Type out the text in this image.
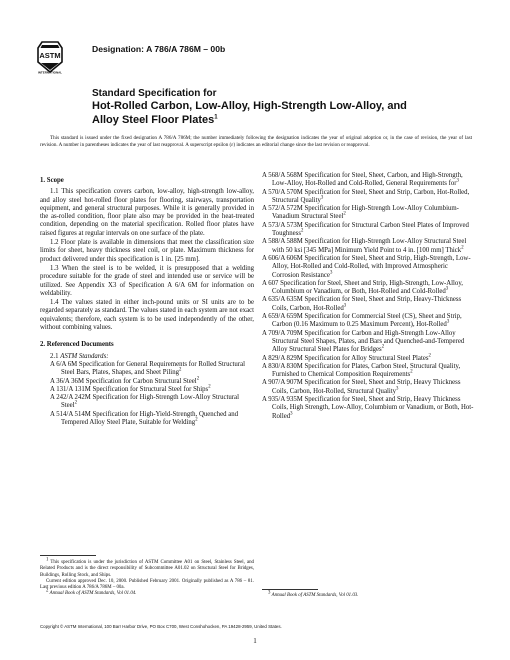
ASTM
INTERNATIONAL
Designation: A 786/A 786M – 00b
Standard Specification for
Hot-Rolled Carbon, Low-Alloy, High-Strength Low-Alloy, and
Alloy Steel Floor Plates$^1$

This standard is issued under the fixed designation A 786/A 786M; the number immediately following the designation indicates the year of original adoption or, in the case of revision, the year of last revision. A number in parentheses indicates the year of last reapproval. A superscript epsilon (ε) indicates an editorial change since the last revision or reapproval.

1. Scope

1.1 This specification covers carbon, low-alloy, high-strength low-alloy, and alloy steel hot-rolled floor plates for flooring, stairways, transportation equipment, and general structural purposes. While it is generally provided in the as-rolled condition, floor plate also may be provided in the heat-treated condition, depending on the material specification. Rolled floor plates have raised figures at regular intervals on one surface of the plate.

1.2 Floor plate is available in dimensions that meet the classification size limits for sheet, heavy thickness steel coil, or plate. Maximum thickness for product delivered under this specification is 1 in. [25 mm].

1.3 When the steel is to be welded, it is presupposed that a welding procedure suitable for the grade of steel and intended use or service will be utilized. See Appendix X3 of Specification A 6/A 6M for information on weldability.

1.4 The values stated in either inch-pound units or SI units are to be regarded separately as standard. The values stated in each system are not exact equivalents; therefore, each system is to be used independently of the other, without combining values.

2. Referenced Documents

2.1 ASTM Standards:

A 6/A 6M Specification for General Requirements for Rolled Structural Steel Bars, Plates, Shapes, and Sheet Piling$^2$

A 36/A 36M Specification for Carbon Structural Steel$^2$

A 131/A 131M Specification for Structural Steel for Ships$^2$

A 242/A 242M Specification for High-Strength Low-Alloy Structural Steel$^2$

A 514/A 514M Specification for High-Yield-Strength, Quenched and Tempered Alloy Steel Plate, Suitable for Welding$^2$

A 568/A 568M Specification for Steel, Sheet, Carbon, and High-Strength, Low-Alloy, Hot-Rolled and Cold-Rolled, General Requirements for$^3$

A 570/A 570M Specification for Steel, Sheet and Strip, Carbon, Hot-Rolled, Structural Quality$^3$

A 572/A 572M Specification for High-Strength Low-Alloy Columbium-Vanadium Structural Steel$^2$

A 573/A 573M Specification for Structural Carbon Steel Plates of Improved Toughness$^2$

A 588/A 588M Specification for High-Strength Low-Alloy Structural Steel with 50 ksi [345 MPa] Minimum Yield Point to 4 in. [100 mm] Thick$^2$

A 606/A 606M Specification for Steel, Sheet and Strip, High-Strength, Low-Alloy, Hot-Rolled and Cold-Rolled, with Improved Atmospheric Corrosion Resistance$^3$

A 607 Specification for Steel, Sheet and Strip, High-Strength, Low-Alloy, Columbium or Vanadium, or Both, Hot-Rolled and Cold-Rolled$^3$

A 635/A 635M Specification for Steel, Sheet and Strip, Heavy-Thickness Coils, Carbon, Hot-Rolled$^3$

A 659/A 659M Specification for Commercial Steel (CS), Sheet and Strip, Carbon (0.16 Maximum to 0.25 Maximum Percent), Hot-Rolled$^3$

A 709/A 709M Specification for Carbon and High-Strength Low-Alloy Structural Steel Shapes, Plates, and Bars and Quenched-and-Tempered Alloy Structural Steel Plates for Bridges$^2$

A 829/A 829M Specification for Alloy Structural Steel Plates$^2$

A 830/A 830M Specification for Plates, Carbon Steel, Structural Quality, Furnished to Chemical Composition Requirements$^2$

A 907/A 907M Specification for Steel, Sheet and Strip, Heavy Thickness Coils, Carbon, Hot-Rolled, Structural Quality$^3$

A 935/A 935M Specification for Steel, Sheet and Strip, Heavy Thickness Coils, High Strength, Low-Alloy, Columbium or Vanadium, or Both, Hot-Rolled$^3$

$^1$ This specification is under the jurisdiction of ASTM Committee A01 on Steel, Stainless Steel, and Related Products and is the direct responsibility of Subcommittee A01.02 on Structural Steel for Bridges, Buildings, Rolling Stock, and Ships.

Current edition approved Dec. 10, 2000. Published February 2001. Originally published as A 786 – 81. Last previous edition A 786/A 786M – 00a.

$^2$ Annual Book of ASTM Standards, Vol 01.04.	$^3$ Annual Book of ASTM Standards, Vol 01.03.

Copyright © ASTM International, 100 Barr Harbor Drive, PO Box C700, West Conshohocken, PA 19428-2959, United States.
1
